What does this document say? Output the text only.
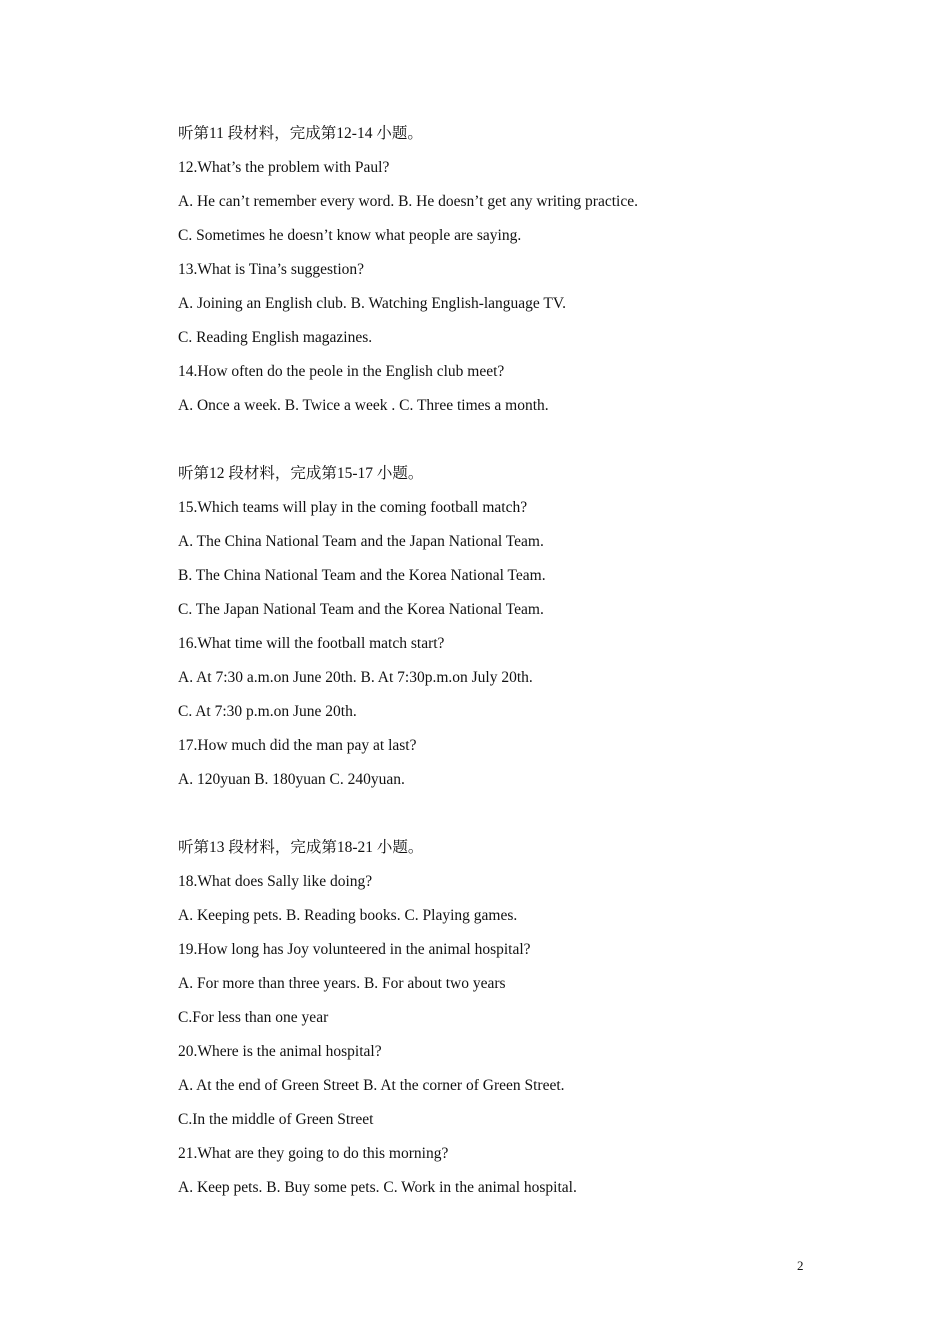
听第11 段材料，完成第12-14 小题。
12.What’s the problem with Paul?
A. He can’t remember every word. B. He doesn’t get any writing practice.
C. Sometimes he doesn’t know what people are saying.
13.What is Tina’s suggestion?
A. Joining an English club. B. Watching English-language TV.
C. Reading English magazines.
14.How often do the peole in the English club meet?
A. Once a week. B. Twice a week . C. Three times a month.
听第12 段材料，完成第15-17 小题。
15.Which teams will play in the coming football match?
A. The China National Team and the Japan National Team.
B. The China National Team and the Korea National Team.
C. The Japan National Team and the Korea National Team.
16.What time will the football match start?
A. At 7:30 a.m.on June 20th. B. At 7:30p.m.on July 20th.
C. At 7:30 p.m.on June 20th.
17.How much did the man pay at last?
A. 120yuan B. 180yuan C. 240yuan.
听第13 段材料，完成第18-21 小题。
18.What does Sally like doing?
A. Keeping pets. B. Reading books. C. Playing games.
19.How long has Joy volunteered in the animal hospital?
A. For more than three years. B. For about two years
C.For less than one year
20.Where is the animal hospital?
A. At the end of Green Street B. At the corner of Green Street.
C.In the middle of Green Street
21.What are they going to do this morning?
A. Keep pets. B. Buy some pets. C. Work in the animal hospital.
2
